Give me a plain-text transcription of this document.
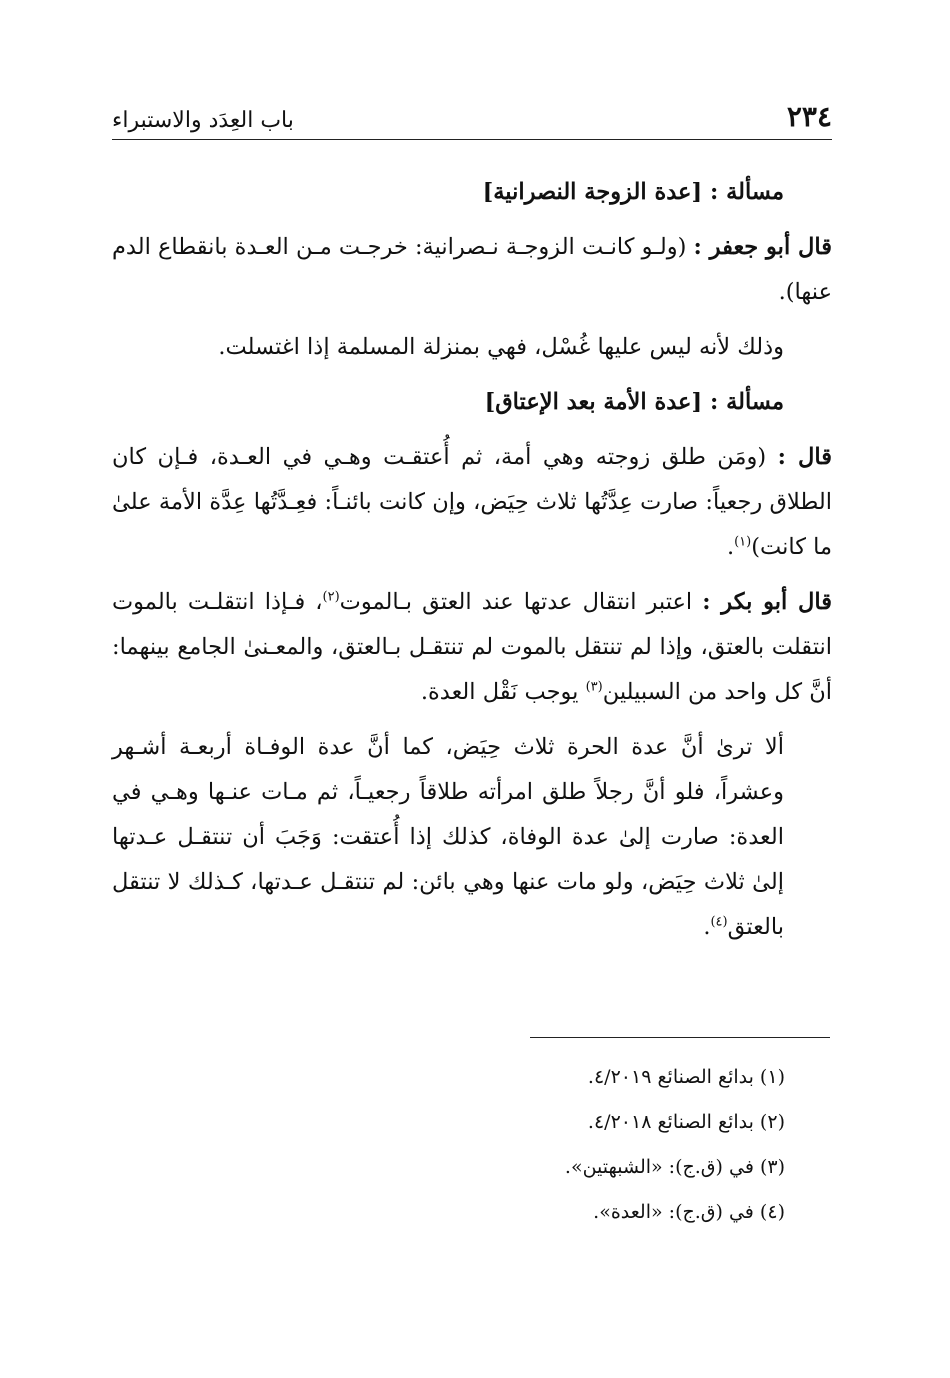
٢٣٤
باب العِدَد والاستبراء
مسألة : [عدة الزوجة النصرانية]

قال أبو جعفر : (ولـو كانـت الزوجـة نـصرانية: خرجـت مـن العـدة بانقطاع الدم عنها).

وذلك لأنه ليس عليها غُسْل، فهي بمنزلة المسلمة إذا اغتسلت.

مسألة : [عدة الأمة بعد الإعتاق]

قال : (ومَن طلق زوجته وهي أمة، ثم أُعتقـت وهـي في العـدة، فـإن كان الطلاق رجعياً: صارت عِدَّتُها ثلاث حِيَض، وإن كانت بائنـاً: فعِـدَّتُها عِدَّة الأمة علىٰ ما كانت)$^{(١)}$.

قال أبو بكر : اعتبر انتقال عدتها عند العتق بـالموت$^{(٢)}$، فـإذا انتقلـت بالموت انتقلت بالعتق، وإذا لم تنتقل بالموت لم تنتقـل بـالعتق، والمعـنىٰ الجامع بينهما: أنَّ كل واحد من السبيلين$^{(٣)}$ يوجب نَقْل العدة.

ألا ترىٰ أنَّ عدة الحرة ثلاث حِيَض، كما أنَّ عدة الوفـاة أربعـة أشـهر وعشراً، فلو أنَّ رجلاً طلق امرأته طلاقاً رجعيـاً، ثم مـات عنـها وهـي في العدة: صارت إلىٰ عدة الوفاة، كذلك إذا أُعتقت: وَجَبَ أن تنتقـل عـدتها إلىٰ ثلاث حِيَض، ولو مات عنها وهي بائن: لم تنتقـل عـدتها، كـذلك لا تنتقل بالعتق$^{(٤)}$.

(١) بدائع الصنائع ٤/٢٠١٩.
(٢) بدائع الصنائع ٤/٢٠١٨.
(٣) في (ق.ج): «الشبهتين».
(٤) في (ق.ج): «العدة».
